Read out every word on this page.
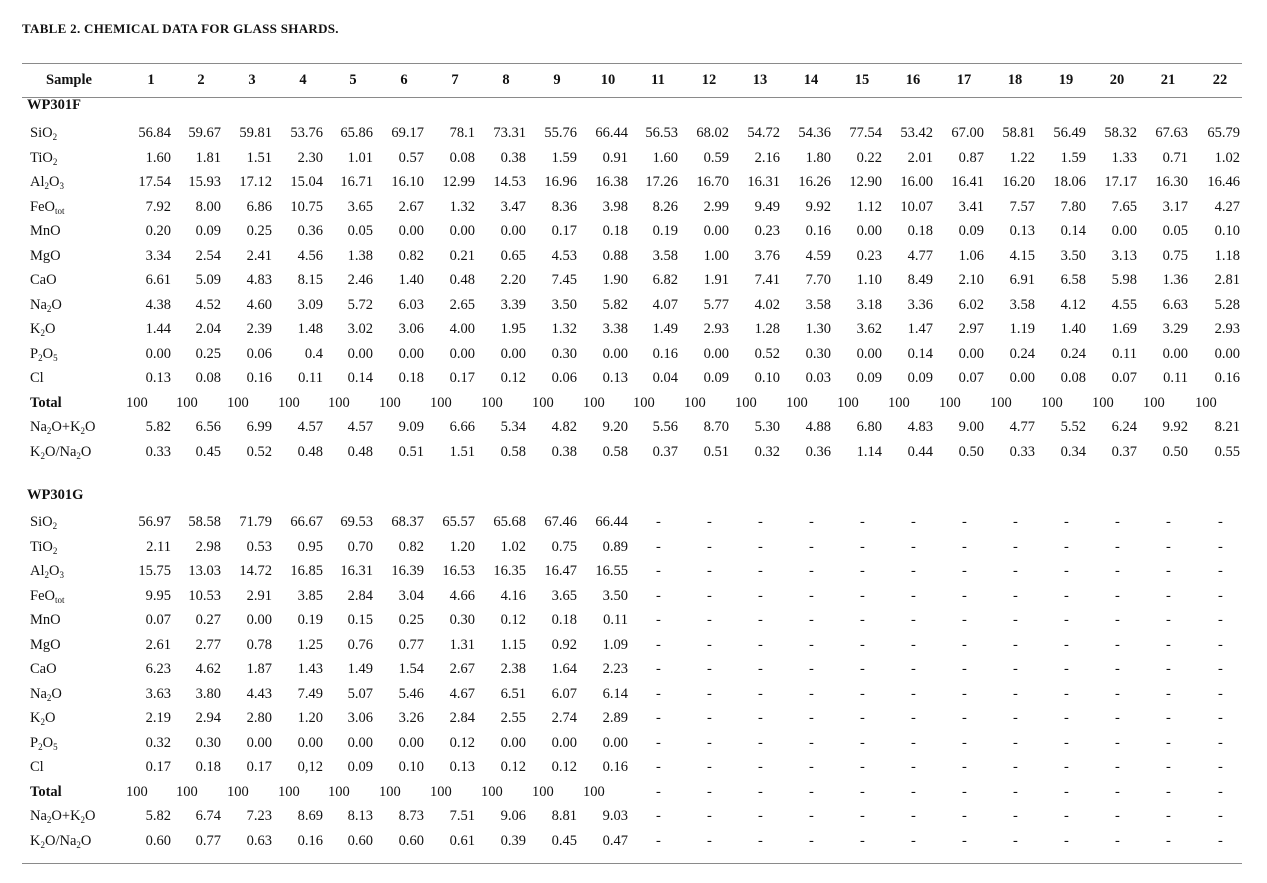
TABLE 2. CHEMICAL DATA FOR GLASS SHARDS.
Sample	1	2	3	4	5	6	7	8	9	10	11	12	13	14	15	16	17	18	19	20	21	22
WP301F
SiO$_2$	56.84	59.67	59.81	53.76	65.86	69.17	78.1	73.31	55.76	66.44	56.53	68.02	54.72	54.36	77.54	53.42	67.00	58.81	56.49	58.32	67.63	65.79
TiO$_2$	1.60	1.81	1.51	2.30	1.01	0.57	0.08	0.38	1.59	0.91	1.60	0.59	2.16	1.80	0.22	2.01	0.87	1.22	1.59	1.33	0.71	1.02
$Al_2O_3$	17.54	15.93	17.12	15.04	16.71	16.10	12.99	14.53	16.96	16.38	17.26	16.70	16.31	16.26	12.90	16.00	16.41	16.20	18.06	17.17	16.30	16.46
FeO$_{tot}$	7.92	8.00	6.86	10.75	3.65	2.67	1.32	3.47	8.36	3.98	8.26	2.99	9.49	9.92	1.12	10.07	3.41	7.57	7.80	7.65	3.17	4.27
MnO	0.20	0.09	0.25	0.36	0.05	0.00	0.00	0.00	0.17	0.18	0.19	0.00	0.23	0.16	0.00	0.18	0.09	0.13	0.14	0.00	0.05	0.10
MgO	3.34	2.54	2.41	4.56	1.38	0.82	0.21	0.65	4.53	0.88	3.58	1.00	3.76	4.59	0.23	4.77	1.06	4.15	3.50	3.13	0.75	1.18
CaO	6.61	5.09	4.83	8.15	2.46	1.40	0.48	2.20	7.45	1.90	6.82	1.91	7.41	7.70	1.10	8.49	2.10	6.91	6.58	5.98	1.36	2.81
$Na_2O$	4.38	4.52	4.60	3.09	5.72	6.03	2.65	3.39	3.50	5.82	4.07	5.77	4.02	3.58	3.18	3.36	6.02	3.58	4.12	4.55	6.63	5.28
$K_2O$	1.44	2.04	2.39	1.48	3.02	3.06	4.00	1.95	1.32	3.38	1.49	2.93	1.28	1.30	3.62	1.47	2.97	1.19	1.40	1.69	3.29	2.93
$P_2O_5$	0.00	0.25	0.06	0.4	0.00	0.00	0.00	0.00	0.30	0.00	0.16	0.00	0.52	0.30	0.00	0.14	0.00	0.24	0.24	0.11	0.00	0.00
Cl	0.13	0.08	0.16	0.11	0.14	0.18	0.17	0.12	0.06	0.13	0.04	0.09	0.10	0.03	0.09	0.09	0.07	0.00	0.08	0.07	0.11	0.16
Total	100	100	100	100	100	100	100	100	100	100	100	100	100	100	100	100	100	100	100	100	100	100
$Na_2O+K_2O$	5.82	6.56	6.99	4.57	4.57	9.09	6.66	5.34	4.82	9.20	5.56	8.70	5.30	4.88	6.80	4.83	9.00	4.77	5.52	6.24	9.92	8.21
$K_2O/Na_2O$	0.33	0.45	0.52	0.48	0.48	0.51	1.51	0.58	0.38	0.58	0.37	0.51	0.32	0.36	1.14	0.44	0.50	0.33	0.34	0.37	0.50	0.55
WP301G
SiO$_2$	56.97	58.58	71.79	66.67	69.53	68.37	65.57	65.68	67.46	66.44 -	-	-	-	-	-	-	-	-	-	-	-
TiO$_2$	2.11	2.98	0.53	0.95	0.70	0.82	1.20	1.02	0.75	0.89 -	-	-	-	-	-	-	-	-	-	-	-
$Al_2O_3$	15.75	13.03	14.72	16.85	16.31	16.39	16.53	16.35	16.47	16.55 -	-	-	-	-	-	-	-	-	-	-	-
FeO$_{tot}$	9.95	10.53	2.91	3.85	2.84	3.04	4.66	4.16	3.65	3.50 -	-	-	-	-	-	-	-	-	-	-	-
MnO	0.07	0.27	0.00	0.19	0.15	0.25	0.30	0.12	0.18	0.11 -	-	-	-	-	-	-	-	-	-	-	-
MgO	2.61	2.77	0.78	1.25	0.76	0.77	1.31	1.15	0.92	1.09 -	-	-	-	-	-	-	-	-	-	-	-
CaO	6.23	4.62	1.87	1.43	1.49	1.54	2.67	2.38	1.64	2.23 -	-	-	-	-	-	-	-	-	-	-	-
$Na_2O$	3.63	3.80	4.43	7.49	5.07	5.46	4.67	6.51	6.07	6.14 -	-	-	-	-	-	-	-	-	-	-	-
$K_2O$	2.19	2.94	2.80	1.20	3.06	3.26	2.84	2.55	2.74	2.89 -	-	-	-	-	-	-	-	-	-	-	-
$P_2O_5$	0.32	0.30	0.00	0.00	0.00	0.00	0.12	0.00	0.00	0.00 -	-	-	-	-	-	-	-	-	-	-	-
Cl	0.17	0.18	0.17	0,12	0.09	0.10	0.13	0.12	0.12	0.16 -	-	-	-	-	-	-	-	-	-	-	-
Total	100	100	100	100	100	100	100	100	100	100	-	-	-	-	-	-	-	-	-	-	-	-
$Na_2O+K_2O$	5.82	6.74	7.23	8.69	8.13	8.73	7.51	9.06	8.81	9.03 -	-	-	-	-	-	-	-	-	-	-	-
$K_2O/Na_2O$	0.60	0.77	0.63	0.16	0.60	0.60	0.61	0.39	0.45	0.47 -	-	-	-	-	-	-	-	-	-	-	-
